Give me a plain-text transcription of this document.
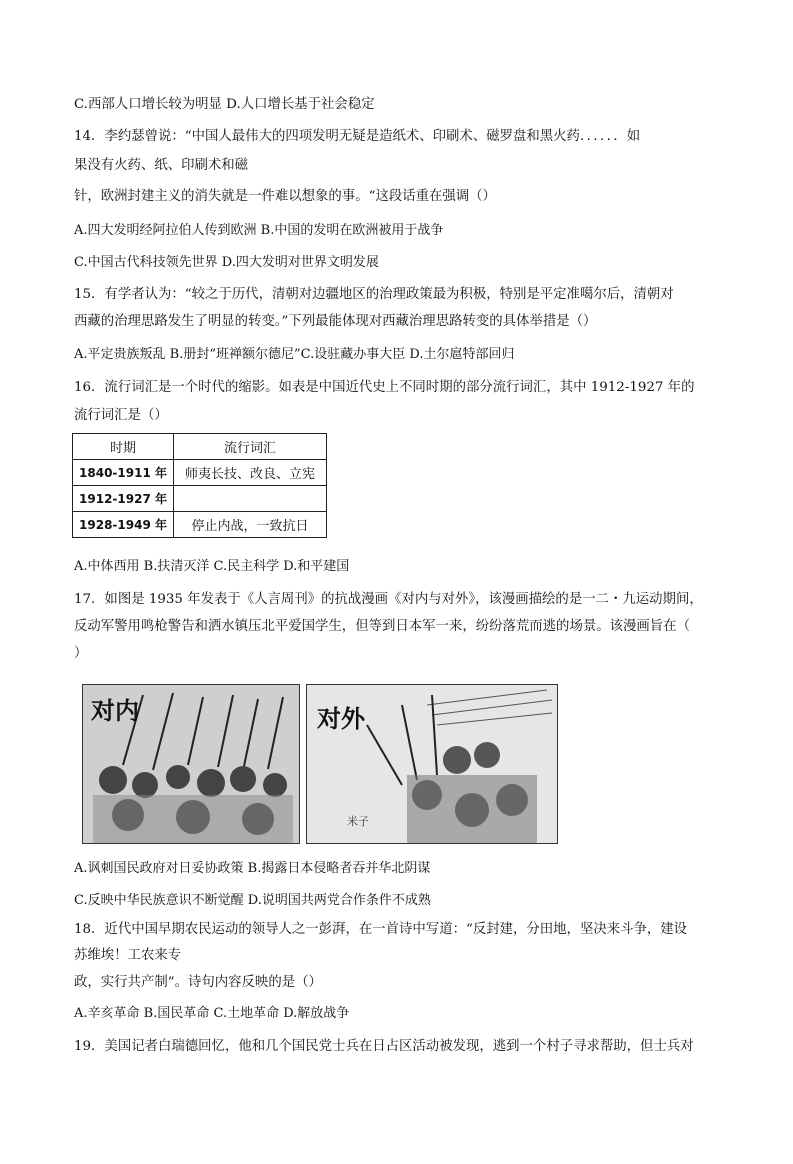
C.西部人口增长较为明显 D.人口增长基于社会稳定
14．李约瑟曾说：“中国人最伟大的四项发明无疑是造纸术、印刷术、磁罗盘和黑火药．．．．．．如
果没有火药、纸、印刷术和磁
针，欧洲封建主义的消失就是一件难以想象的事。“这段话重在强调（）
A.四大发明经阿拉伯人传到欧洲 B.中国的发明在欧洲被用于战争
C.中国古代科技领先世界 D.四大发明对世界文明发展
15．有学者认为：“较之于历代，清朝对边疆地区的治理政策最为积极，特别是平定准噶尔后，清朝对
西藏的治理思路发生了明显的转变。”下列最能体现对西藏治理思路转变的具体举措是（）
A.平定贵族叛乱 B.册封“班禅额尔德尼”C.设驻藏办事大臣 D.土尔扈特部回归
16．流行词汇是一个时代的缩影。如表是中国近代史上不同时期的部分流行词汇，其中 1912-1927 年的
流行词汇是（）
时期	流行词汇
1840-1911 年	师夷长技、改良、立宪
1912-1927 年	
1928-1949 年	停止内战，一致抗日
A.中体西用 B.扶清灭洋 C.民主科学 D.和平建国
17．如图是 1935 年发表于《人言周刊》的抗战漫画《对内与对外》，该漫画描绘的是一二・九运动期间，
反动军警用鸣枪警告和洒水镇压北平爱国学生，但等到日本军一来，纷纷落荒而逃的场景。该漫画旨在（
）
对内	对外
米子
A.讽刺国民政府对日妥协政策 B.揭露日本侵略者吞并华北阴谋
C.反映中华民族意识不断觉醒 D.说明国共两党合作条件不成熟
18．近代中国早期农民运动的领导人之一彭湃，在一首诗中写道：“反封建，分田地，坚决来斗争，建设
苏维埃！工农来专
政，实行共产制”。诗句内容反映的是（）
A.辛亥革命 B.国民革命 C.土地革命 D.解放战争
19．美国记者白瑞德回忆，他和几个国民党士兵在日占区活动被发现，逃到一个村子寻求帮助，但士兵对
